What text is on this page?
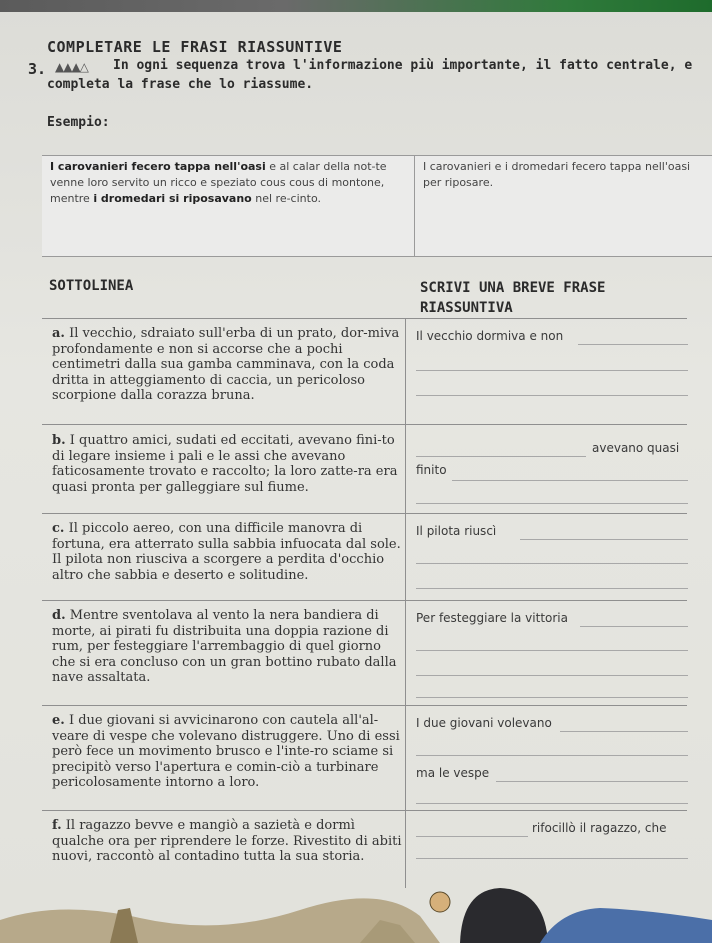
COMPLETARE LE FRASI RIASSUNTIVE
3. ▲▲▲△ In ogni sequenza trova l'informazione più importante, il fatto centrale, e
completa la frase che lo riassume.
Esempio:
I carovanieri fecero tappa nell'oasi e al calar della not-te venne loro servito un ricco e speziato cous cous di montone, mentre i dromedari si riposavano nel re-cinto.
I carovanieri e i dromedari fecero tappa nell'oasi per riposare.
SOTTOLINEA	SCRIVI UNA BREVE FRASE
RIASSUNTIVA
a. Il vecchio, sdraiato sull'erba di un prato, dor-miva profondamente e non si accorse che a pochi centimetri dalla sua gamba camminava, con la coda dritta in atteggiamento di caccia, un pericoloso scorpione dalla corazza bruna.
Il vecchio dormiva e non
b. I quattro amici, sudati ed eccitati, avevano fini-to di legare insieme i pali e le assi che avevano faticosamente trovato e raccolto; la loro zatte-ra era quasi pronta per galleggiare sul fiume.
avevano quasi
finito
c. Il piccolo aereo, con una difficile manovra di fortuna, era atterrato sulla sabbia infuocata dal sole. Il pilota non riusciva a scorgere a perdita d'occhio altro che sabbia e deserto e solitudine.
Il pilota riuscì
d. Mentre sventolava al vento la nera bandiera di morte, ai pirati fu distribuita una doppia razione di rum, per festeggiare l'arrembaggio di quel giorno che si era concluso con un gran bottino rubato dalla nave assaltata.
Per festeggiare la vittoria
e. I due giovani si avvicinarono con cautela all'al-veare di vespe che volevano distruggere. Uno di essi però fece un movimento brusco e l'inte-ro sciame si precipitò verso l'apertura e comin-ciò a turbinare pericolosamente intorno a loro.
I due giovani volevano
ma le vespe
f. Il ragazzo bevve e mangiò a sazietà e dormì qualche ora per riprendere le forze. Rivestito di abiti nuovi, raccontò al contadino tutta la sua storia.
rifocillò il ragazzo, che
